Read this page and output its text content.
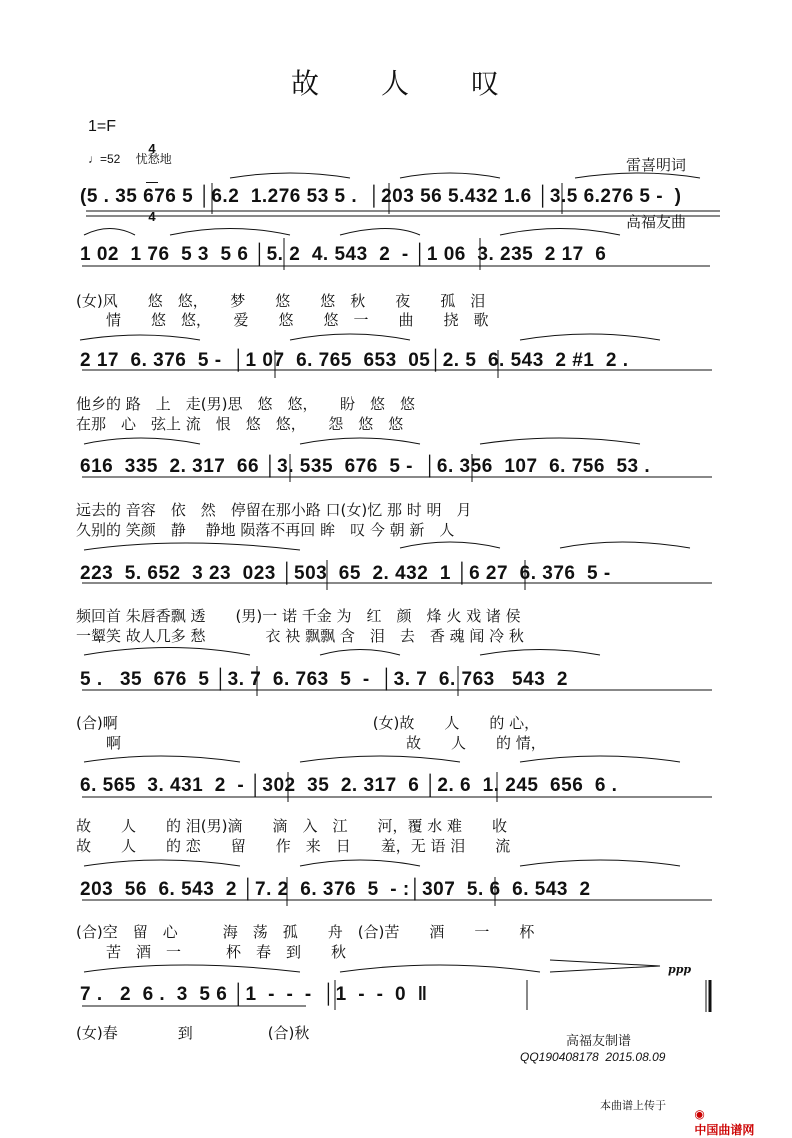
故　　人　　叹
1=F

4

4

♩=52　 忧愁地

	雷喜明词

高福友曲

(5 . 35 676 5 │6.2  1.276 53 5 .  │203 56 5.432 1.6 │3.5 6.276 5 -  )
1 02  1 76  5 3  5 6 │5. 2  4. 543  2  - │1 06  3. 235  2 17  6
(女)风　　悠　悠，　　梦　　悠　　悠　秋　　夜　　孤　泪
　　情　　悠　悠，　　爱　　悠　　悠　一　　曲　　挠　歌
2 17  6. 376  5 -  │1 07  6. 765  653  05│2. 5  6. 543  2 #1  2 .
他乡的 路　上　走(男)思　悠　悠，　　盼　悠　悠
在那　心　弦上 流　恨　悠　悠，　　怨　悠　悠
616  335  2. 317  66 │3. 535  676  5 -  │6. 356  107  6. 756  53 .
远去的 音容　依　然　停留在那小路 口(女)忆 那 时 明　月
久别的 笑颜　静　 静地 陨落不再回 眸　叹 今 朝 新　人
223  5. 652  3 23  023 │503  65  2. 432  1 │6 27  6. 376  5 -
频回首 朱唇香飘 透　　(男)一 诺 千金 为　红　颜　烽 火 戏 诸 侯
一颦笑 故人几多 愁　　　　衣 袂 飘飘 含　泪　去　香 魂 闻 冷 秋
5 .   35  676  5 │3. 7  6. 763  5  -  │3. 7  6. 763   543  2
(合)啊　　　　　　　　　　　　　　　　　(女)故　　人　　的 心，
　　啊　　　　　　　　　　　　　　　　　　　故　　人　　的 情，
6. 565  3. 431  2  - │302  35  2. 317  6 │2. 6  1. 245  656  6 .
故　　人　　的 泪(男)滴　　滴　入　江　　河，覆 水 难　　收
故　　人　　的 恋　　留　　作　来　日　　羞，无 语 泪　　流
203  56  6. 543  2 │7. 2  6. 376  5  - :│307  5. 6  6. 543  2
(合)空　留　心　　　海　荡　孤　　舟　(合)苦　　酒　　一　　杯
　　苦　酒　一　　　杯　春　到　　秋
ppp
7 .   2  6 .  3  5 6 │1  -  -  -  │1  -  -  0  ‖
(女)春　　　　到　　　　　(合)秋	高福友制谱
QQ190408178  2015.08.09
本曲谱上传于

◉
中国曲谱网
